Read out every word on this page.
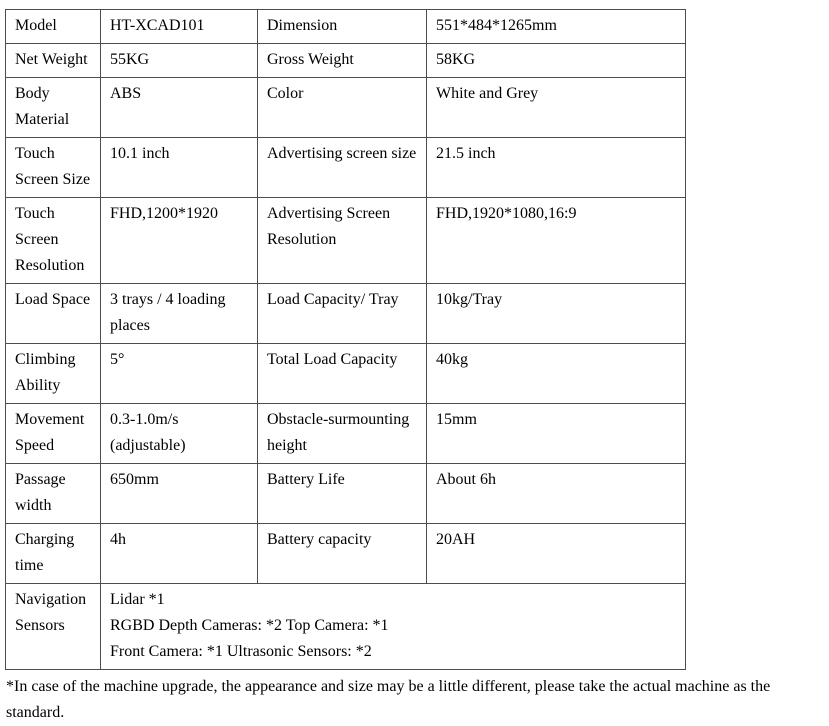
Model	HT-XCAD101	Dimension	551*484*1265mm
Net Weight	55KG	Gross Weight	58KG
Body Material	ABS	Color	White and Grey
Touch Screen Size	10.1 inch	Advertising screen size	21.5 inch
Touch Screen Resolution	FHD,1200*1920	Advertising Screen Resolution	FHD,1920*1080,16:9
Load Space	3 trays / 4 loading places	Load Capacity/ Tray	10kg/Tray
Climbing Ability	5°	Total Load Capacity	40kg
Movement Speed	0.3-1.0m/s (adjustable)	Obstacle-surmounting height	15mm
Passage width	650mm	Battery Life	About 6h
Charging time	4h	Battery capacity	20AH
Navigation Sensors	Lidar *1
RGBD Depth Cameras: *2 Top Camera: *1
Front Camera: *1 Ultrasonic Sensors: *2		

*In case of the machine upgrade, the appearance and size may be a little different, please take the actual machine as the standard.
